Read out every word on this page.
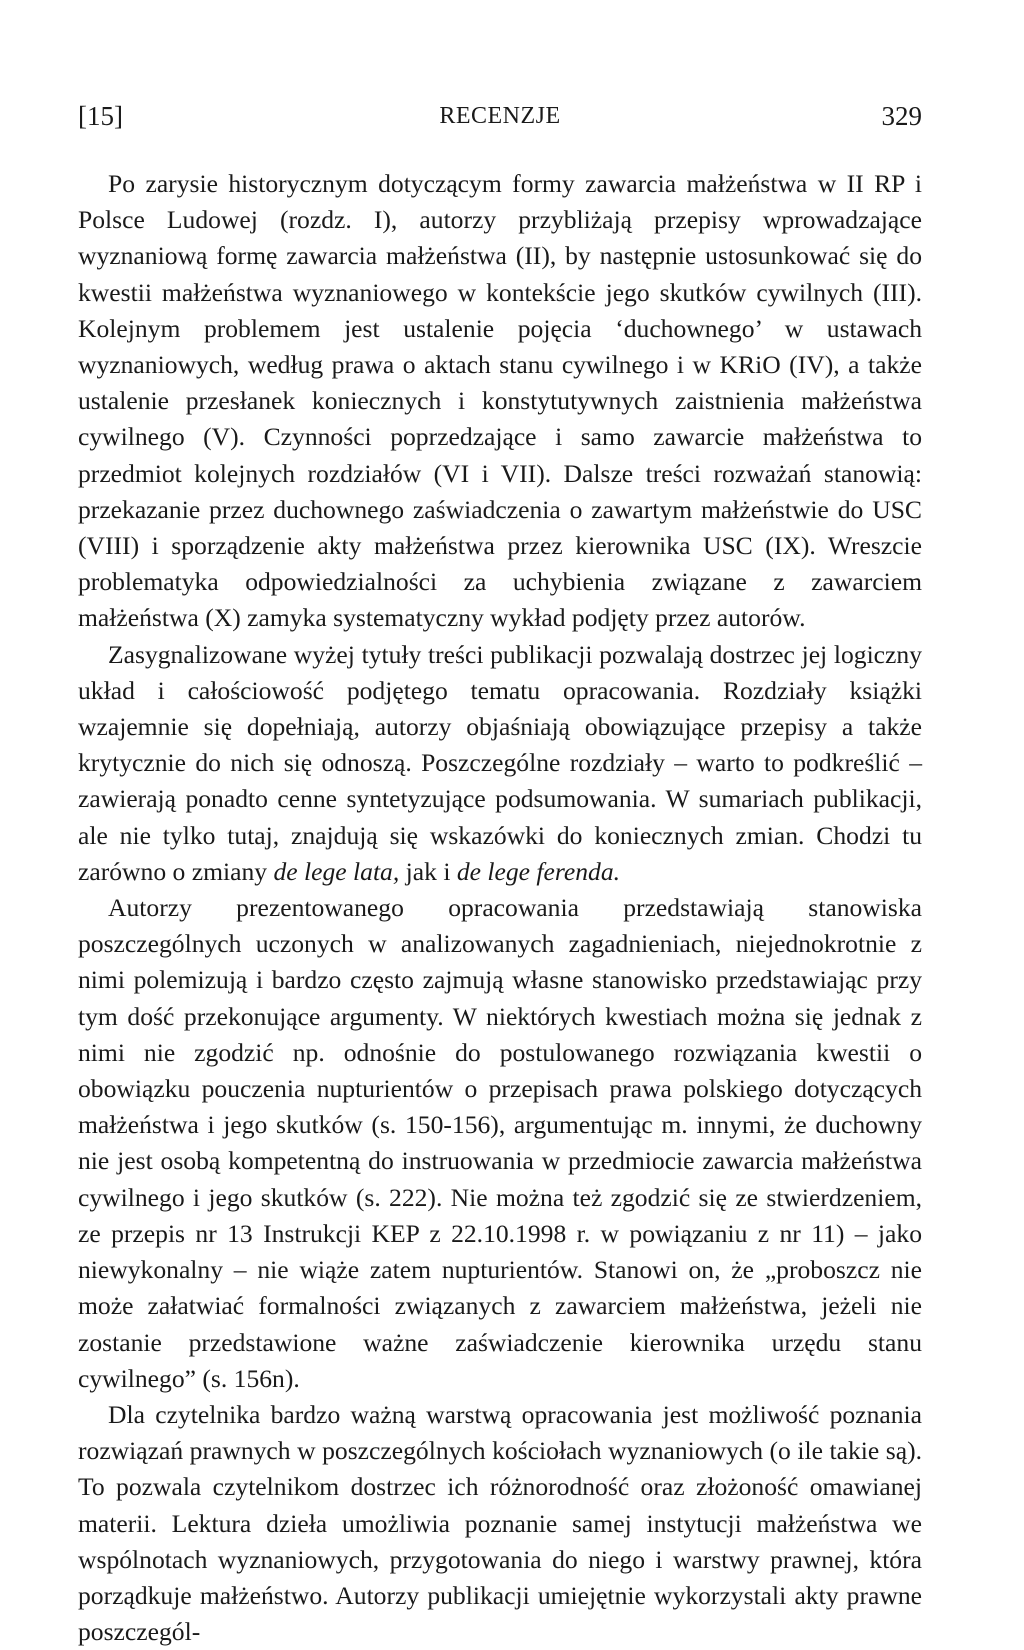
[15]	RECENZJE	329

Po zarysie historycznym dotyczącym formy zawarcia małżeństwa w II RP i Polsce Ludowej (rozdz. I), autorzy przybliżają przepisy wprowadzające wyznaniową formę zawarcia małżeństwa (II), by następnie ustosunkować się do kwestii małżeństwa wyznaniowego w kontekście jego skutków cywilnych (III). Kolejnym problemem jest ustalenie pojęcia ‘duchownego’ w ustawach wyznaniowych, według prawa o aktach stanu cywilnego i w KRiO (IV), a także ustalenie przesłanek koniecznych i konstytutywnych zaistnienia małżeństwa cywilnego (V). Czynności poprzedzające i samo zawarcie małżeństwa to przedmiot kolejnych rozdziałów (VI i VII). Dalsze treści rozważań stanowią: przekazanie przez duchownego zaświadczenia o zawartym małżeństwie do USC (VIII) i sporządzenie akty małżeństwa przez kierownika USC (IX). Wreszcie problematyka odpowiedzialności za uchybienia związane z zawarciem małżeństwa (X) zamyka systematyczny wykład podjęty przez autorów.

Zasygnalizowane wyżej tytuły treści publikacji pozwalają dostrzec jej logiczny układ i całościowość podjętego tematu opracowania. Rozdziały książki wzajemnie się dopełniają, autorzy objaśniają obowiązujące przepisy a także krytycznie do nich się odnoszą. Poszczególne rozdziały – warto to podkreślić – zawierają ponadto cenne syntetyzujące podsumowania. W sumariach publikacji, ale nie tylko tutaj, znajdują się wskazówki do koniecznych zmian. Chodzi tu zarówno o zmiany de lege lata, jak i de lege ferenda.

Autorzy prezentowanego opracowania przedstawiają stanowiska poszczególnych uczonych w analizowanych zagadnieniach, niejednokrotnie z nimi polemizują i bardzo często zajmują własne stanowisko przedstawiając przy tym dość przekonujące argumenty. W niektórych kwestiach można się jednak z nimi nie zgodzić np. odnośnie do postulowanego rozwiązania kwestii o obowiązku pouczenia nupturientów o przepisach prawa polskiego dotyczących małżeństwa i jego skutków (s. 150-156), argumentując m. innymi, że duchowny nie jest osobą kompetentną do instruowania w przedmiocie zawarcia małżeństwa cywilnego i jego skutków (s. 222). Nie można też zgodzić się ze stwierdzeniem, ze przepis nr 13 Instrukcji KEP z 22.10.1998 r. w powiązaniu z nr 11) – jako niewykonalny – nie wiąże zatem nupturientów. Stanowi on, że „proboszcz nie może załatwiać formalności związanych z zawarciem małżeństwa, jeżeli nie zostanie przedstawione ważne zaświadczenie kierownika urzędu stanu cywilnego” (s. 156n).

Dla czytelnika bardzo ważną warstwą opracowania jest możliwość poznania rozwiązań prawnych w poszczególnych kościołach wyznaniowych (o ile takie są). To pozwala czytelnikom dostrzec ich różnorodność oraz złożoność omawianej materii. Lektura dzieła umożliwia poznanie samej instytucji małżeństwa we wspólnotach wyznaniowych, przygotowania do niego i warstwy prawnej, która porządkuje małżeństwo. Autorzy publikacji umiejętnie wykorzystali akty prawne poszczegól-
